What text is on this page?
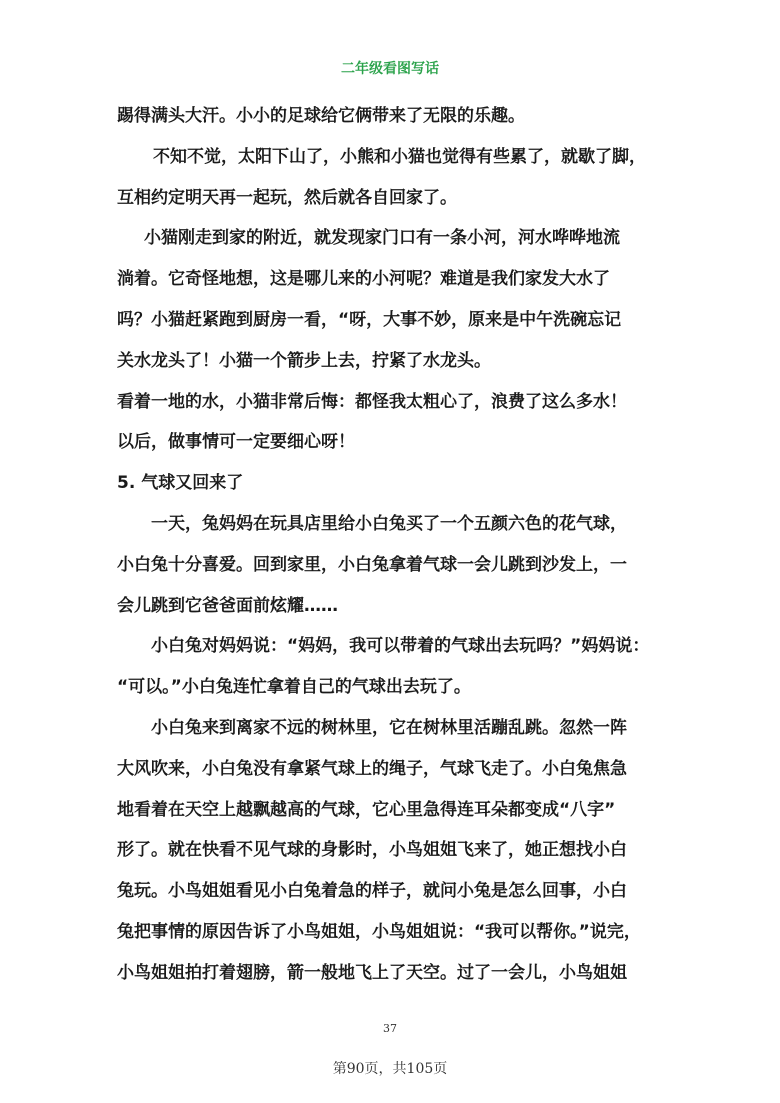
二年级看图写话
踢得满头大汗。小小的足球给它俩带来了无限的乐趣。
不知不觉，太阳下山了，小熊和小猫也觉得有些累了，就歇了脚，
互相约定明天再一起玩，然后就各自回家了。
小猫刚走到家的附近，就发现家门口有一条小河，河水哗哗地流
淌着。它奇怪地想，这是哪儿来的小河呢？难道是我们家发大水了
吗？小猫赶紧跑到厨房一看，“呀，大事不妙，原来是中午洗碗忘记
关水龙头了！小猫一个箭步上去，拧紧了水龙头。
看着一地的水，小猫非常后悔：都怪我太粗心了，浪费了这么多水！
以后，做事情可一定要细心呀！
5. 气球又回来了
一天，兔妈妈在玩具店里给小白兔买了一个五颜六色的花气球，
小白兔十分喜爱。回到家里，小白兔拿着气球一会儿跳到沙发上，一
会儿跳到它爸爸面前炫耀……
小白兔对妈妈说：“妈妈，我可以带着的气球出去玩吗？”妈妈说：
“可以。”小白兔连忙拿着自己的气球出去玩了。
小白兔来到离家不远的树林里，它在树林里活蹦乱跳。忽然一阵
大风吹来，小白兔没有拿紧气球上的绳子，气球飞走了。小白兔焦急
地看着在天空上越飘越高的气球，它心里急得连耳朵都变成“八字”
形了。就在快看不见气球的身影时，小鸟姐姐飞来了，她正想找小白
兔玩。小鸟姐姐看见小白兔着急的样子，就问小兔是怎么回事，小白
兔把事情的原因告诉了小鸟姐姐，小鸟姐姐说：“我可以帮你。”说完，
小鸟姐姐拍打着翅膀，箭一般地飞上了天空。过了一会儿，小鸟姐姐
37
第90页，共105页
